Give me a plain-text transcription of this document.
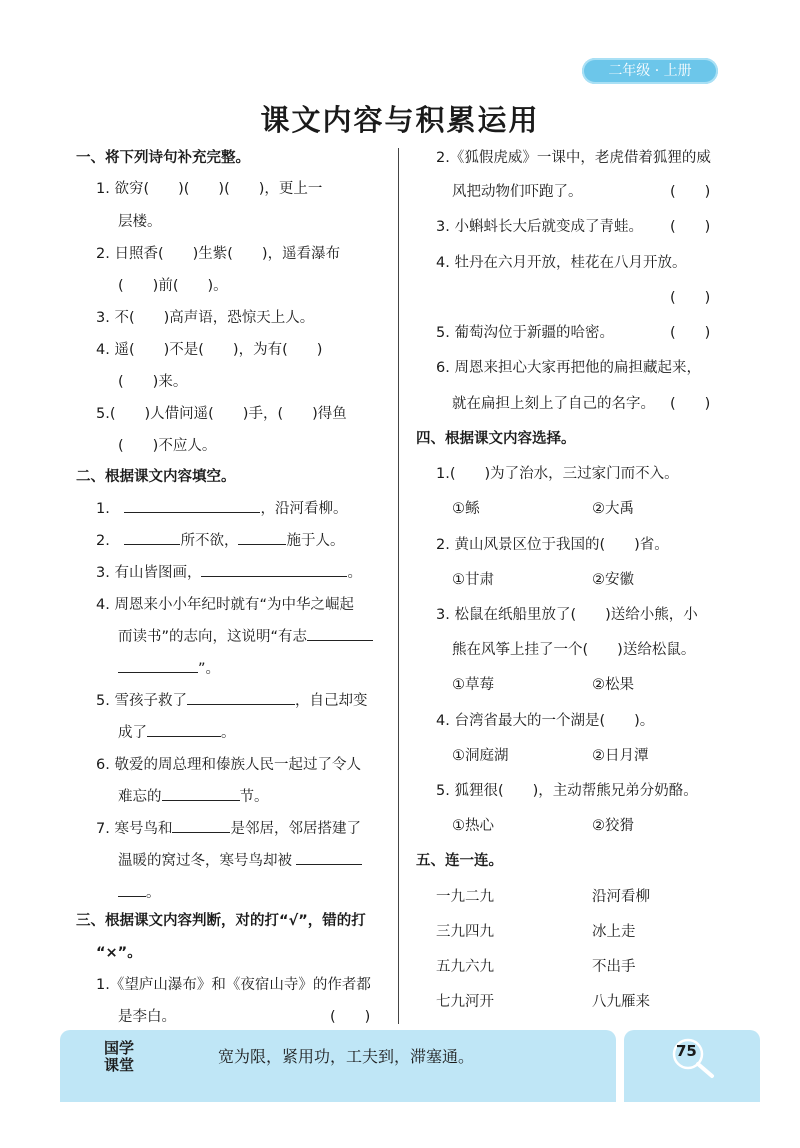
二年级 · 上册
课文内容与积累运用
一、将下列诗句补充完整。
1. 欲穷(　　)(　　)(　　)，更上一
层楼。
2. 日照香(　　)生紫(　　)，遥看瀑布
(　　)前(　　)。
3. 不(　　)高声语，恐惊天上人。
4. 遥(　　)不是(　　)，为有(　　)
(　　)来。
5.(　　)人借问遥(　　)手，(　　)得鱼
(　　)不应人。
二、根据课文内容填空。
1.	，沿河看柳。
2.	所不欲，	施于人。
3. 有山皆图画，	。
4. 周恩来小小年纪时就有“为中华之崛起
而读书”的志向，这说明“有志
”。
5. 雪孩子救了	，自己却变
成了	。
6. 敬爱的周总理和傣族人民一起过了令人
难忘的	节。
7. 寒号鸟和	是邻居，邻居搭建了
温暖的窝过冬，寒号鸟却被
。
三、根据课文内容判断，对的打“√”，错的打
“×”。
1.《望庐山瀑布》和《夜宿山寺》的作者都
是李白。	(　　)
2.《狐假虎威》一课中，老虎借着狐狸的威
风把动物们吓跑了。	(　　)
3. 小蝌蚪长大后就变成了青蛙。 (　　)
4. 牡丹在六月开放，桂花在八月开放。
(　　)
5. 葡萄沟位于新疆的哈密。	(　　)
6. 周恩来担心大家再把他的扁担藏起来，
就在扁担上刻上了自己的名字。 (　　)
四、根据课文内容选择。
1.(　　)为了治水，三过家门而不入。
①鲧	②大禹
2. 黄山风景区位于我国的(　　)省。
①甘肃	②安徽
3. 松鼠在纸船里放了(　　)送给小熊，小
熊在风筝上挂了一个(　　)送给松鼠。
①草莓	②松果
4. 台湾省最大的一个湖是(　　)。
①洞庭湖	②日月潭
5. 狐狸很(　　)，主动帮熊兄弟分奶酪。
①热心	②狡猾
五、连一连。
一九二九	沿河看柳
三九四九	冰上走
五九六九	不出手
七九河开	八九雁来
国学课堂	宽为限，紧用功，工夫到，滞塞通。	75
